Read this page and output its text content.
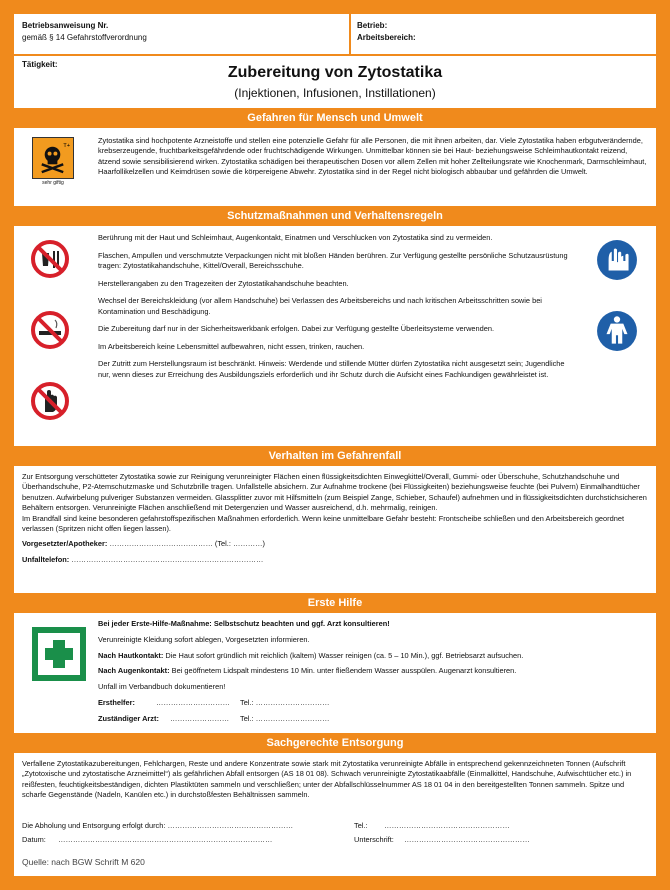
Betriebsanweisung Nr.
gemäß § 14 Gefahrstoffverordnung
Betrieb:
Arbeitsbereich:
Tätigkeit:	Zubereitung von Zytostatika
(Injektionen, Infusionen, Instillationen)
Gefahren für Mensch und Umwelt
T+
sehr giftig
Zytostatika sind hochpotente Arzneistoffe und stellen eine potenzielle Gefahr für alle Personen, die mit ihnen arbeiten, dar. Viele Zytostatika haben erbgutverändernde, krebserzeugende, fruchtbarkeitsgefährdende oder fruchtschädigende Wirkungen. Unmittelbar können sie bei Haut- beziehungsweise Schleimhautkontakt reizend, ätzend sowie sensibilisierend wirken. Zytostatika schädigen bei therapeutischen Dosen vor allem Zellen mit hoher Zellteilungsrate wie Knochenmark, Darmschleimhaut, Haarfollikelzellen und Keimdrüsen sowie die körpereigene Abwehr. Zytostatika sind in der Regel nicht biologisch abbaubar und gefährden die Umwelt.
Schutzmaßnahmen und Verhaltensregeln

Berührung mit der Haut und Schleimhaut, Augenkontakt, Einatmen und Verschlucken von Zytostatika sind zu vermeiden.

Flaschen, Ampullen und verschmutzte Verpackungen nicht mit bloßen Händen berühren. Zur Verfügung gestellte persönliche Schutzausrüstung tragen: Zytostatikahandschuhe, Kittel/Overall, Bereichsschuhe.

Herstellerangaben zu den Tragezeiten der Zytostatikahandschuhe beachten.

Wechsel der Bereichskleidung (vor allem Handschuhe) bei Verlassen des Arbeitsbereichs und nach kritischen Arbeitsschritten sowie bei Kontamination und Beschädigung.

Die Zubereitung darf nur in der Sicherheitswerkbank erfolgen. Dabei zur Verfügung gestellte Überleitsysteme verwenden.

Im Arbeitsbereich keine Lebensmittel aufbewahren, nicht essen, trinken, rauchen.

Der Zutritt zum Herstellungsraum ist beschränkt. Hinweis: Werdende und stillende Mütter dürfen Zytostatika nicht ausgesetzt sein; Jugendliche nur, wenn dieses zur Erreichung des Ausbildungsziels erforderlich und ihr Schutz durch die Aufsicht eines Fachkundigen gewährleistet ist.

Verhalten im Gefahrenfall
Zur Entsorgung verschütteter Zytostatika sowie zur Reinigung verunreinigter Flächen einen flüssigkeitsdichten Einwegkittel/Overall, Gummi- oder Überschuhe, Schutzhandschuhe und Überhandschuhe, P2-Atemschutzmaske und Schutzbrille tragen. Unfallstelle absichern. Zur Aufnahme trockene (bei Flüssigkeiten) beziehungsweise feuchte (bei Pulvern) Einmalhandtücher benutzen. Aufwirbelung pulveriger Substanzen vermeiden. Glassplitter zuvor mit Hilfsmitteln (zum Beispiel Zange, Schieber, Schaufel) aufnehmen und in flüssigkeitsdichten durchstichsicheren Behältern entsorgen. Verunreinigte Flächen anschließend mit Detergenzien und Wasser ausreichend, d.h. mehrmalig, reinigen.
Im Brandfall sind keine besonderen gefahrstoffspezifischen Maßnahmen erforderlich. Wenn keine unmittelbare Gefahr besteht: Frontscheibe schließen und den Arbeitsbereich geordnet verlassen (Spritzen nicht offen liegen lassen).
Vorgesetzter/Apotheker: …………………………………… (Tel.: …………)
Unfalltelefon: ……………………………………………………………………
Erste Hilfe

Bei jeder Erste-Hilfe-Maßnahme: Selbstschutz beachten und ggf. Arzt konsultieren!

Verunreinigte Kleidung sofort ablegen, Vorgesetzten informieren.

Nach Hautkontakt: Die Haut sofort gründlich mit reichlich (kaltem) Wasser reinigen (ca. 5 – 10 Min.), ggf. Betriebsarzt aufsuchen.

Nach Augenkontakt: Bei geöffnetem Lidspalt mindestens 10 Min. unter fließendem Wasser ausspülen. Augenarzt konsultieren.

Unfall im Verbandbuch dokumentieren!

Ersthelfer:	………………………… Tel.: …………………………

Zuständiger Arzt: …………………… Tel.: …………………………

Sachgerechte Entsorgung
Verfallene Zytostatikazubereitungen, Fehlchargen, Reste und andere Konzentrate sowie stark mit Zytostatika verunreinigte Abfälle in entsprechend gekennzeichneten Tonnen (Aufschrift „Zytotoxische und zytostatische Arzneimittel“) als gefährlichen Abfall entsorgen (AS 18 01 08). Schwach verunreinigte Zytostatikaabfälle (Einmalkittel, Handschuhe, Aufwischtücher etc.) in reißfesten, feuchtigkeitsbeständigen, dichten Plastiktüten sammeln und verschließen; unter der Abfallschlüsselnummer AS 18 01 04 in den bereitgestellten Tonnen sammeln. Spitze und scharfe Gegenstände (Nadeln, Kanülen etc.) in durchstoßfesten Behältnissen sammeln.
Die Abholung und Entsorgung erfolgt durch: ……………………………………………	Tel.: ……………………………………………
Datum: ……………………………………………………………………………	Unterschrift: ……………………………………………
Quelle: nach BGW Schrift M 620
